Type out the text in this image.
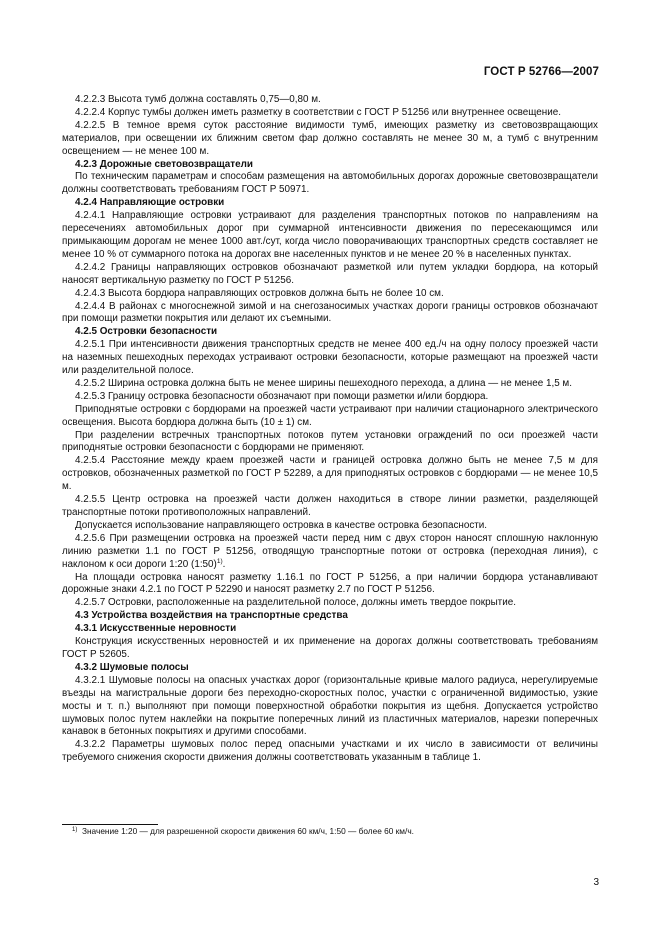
ГОСТ Р 52766—2007

4.2.2.3 Высота тумб должна составлять 0,75—0,80 м.

4.2.2.4 Корпус тумбы должен иметь разметку в соответствии с ГОСТ Р 51256 или внутреннее освещение.

4.2.2.5 В темное время суток расстояние видимости тумб, имеющих разметку из световозвращающих материалов, при освещении их ближним светом фар должно составлять не менее 30 м, а тумб с внутренним освещением — не менее 100 м.

4.2.3 Дорожные световозвращатели

По техническим параметрам и способам размещения на автомобильных дорогах дорожные световозвращатели должны соответствовать требованиям ГОСТ Р 50971.

4.2.4 Направляющие островки

4.2.4.1 Направляющие островки устраивают для разделения транспортных потоков по направлениям на пересечениях автомобильных дорог при суммарной интенсивности движения по пересекающимся или примыкающим дорогам не менее 1000 авт./сут, когда число поворачивающих транспортных средств составляет не менее 10 % от суммарного потока на дорогах вне населенных пунктов и не менее 20 % в населенных пунктах.

4.2.4.2 Границы направляющих островков обозначают разметкой или путем укладки бордюра, на который наносят вертикальную разметку по ГОСТ Р 51256.

4.2.4.3 Высота бордюра направляющих островков должна быть не более 10 см.

4.2.4.4 В районах с многоснежной зимой и на снегозаносимых участках дороги границы островков обозначают при помощи разметки покрытия или делают их съемными.

4.2.5 Островки безопасности

4.2.5.1 При интенсивности движения транспортных средств не менее 400 ед./ч на одну полосу проезжей части на наземных пешеходных переходах устраивают островки безопасности, которые размещают на проезжей части или разделительной полосе.

4.2.5.2 Ширина островка должна быть не менее ширины пешеходного перехода, а длина — не менее 1,5 м.

4.2.5.3 Границу островка безопасности обозначают при помощи разметки и/или бордюра.

Приподнятые островки с бордюрами на проезжей части устраивают при наличии стационарного электрического освещения. Высота бордюра должна быть (10 ± 1) см.

При разделении встречных транспортных потоков путем установки ограждений по оси проезжей части приподнятые островки безопасности с бордюрами не применяют.

4.2.5.4 Расстояние между краем проезжей части и границей островка должно быть не менее 7,5 м для островков, обозначенных разметкой по ГОСТ Р 52289, а для приподнятых островков с бордюрами — не менее 10,5 м.

4.2.5.5 Центр островка на проезжей части должен находиться в створе линии разметки, разделяющей транспортные потоки противоположных направлений.

Допускается использование направляющего островка в качестве островка безопасности.

4.2.5.6 При размещении островка на проезжей части перед ним с двух сторон наносят сплошную наклонную линию разметки 1.1 по ГОСТ Р 51256, отводящую транспортные потоки от островка (переходная линия), с наклоном к оси дороги 1:20 (1:50)$^{1)}$.

На площади островка наносят разметку 1.16.1 по ГОСТ Р 51256, а при наличии бордюра устанавливают дорожные знаки 4.2.1 по ГОСТ Р 52290 и наносят разметку 2.7 по ГОСТ Р 51256.

4.2.5.7 Островки, расположенные на разделительной полосе, должны иметь твердое покрытие.

4.3 Устройства воздействия на транспортные средства

4.3.1 Искусственные неровности

Конструкция искусственных неровностей и их применение на дорогах должны соответствовать требованиям ГОСТ Р 52605.

4.3.2 Шумовые полосы

4.3.2.1 Шумовые полосы на опасных участках дорог (горизонтальные кривые малого радиуса, нерегулируемые въезды на магистральные дороги без переходно-скоростных полос, участки с ограниченной видимостью, узкие мосты и т. п.) выполняют при помощи поверхностной обработки покрытия из щебня. Допускается устройство шумовых полос путем наклейки на покрытие поперечных линий из пластичных материалов, нарезки поперечных канавок в бетонных покрытиях и другими способами.

4.3.2.2 Параметры шумовых полос перед опасными участками и их число в зависимости от величины требуемого снижения скорости движения должны соответствовать указанным в таблице 1.

$^{1)}$ Значение 1:20 — для разрешенной скорости движения 60 км/ч, 1:50 — более 60 км/ч.
3
